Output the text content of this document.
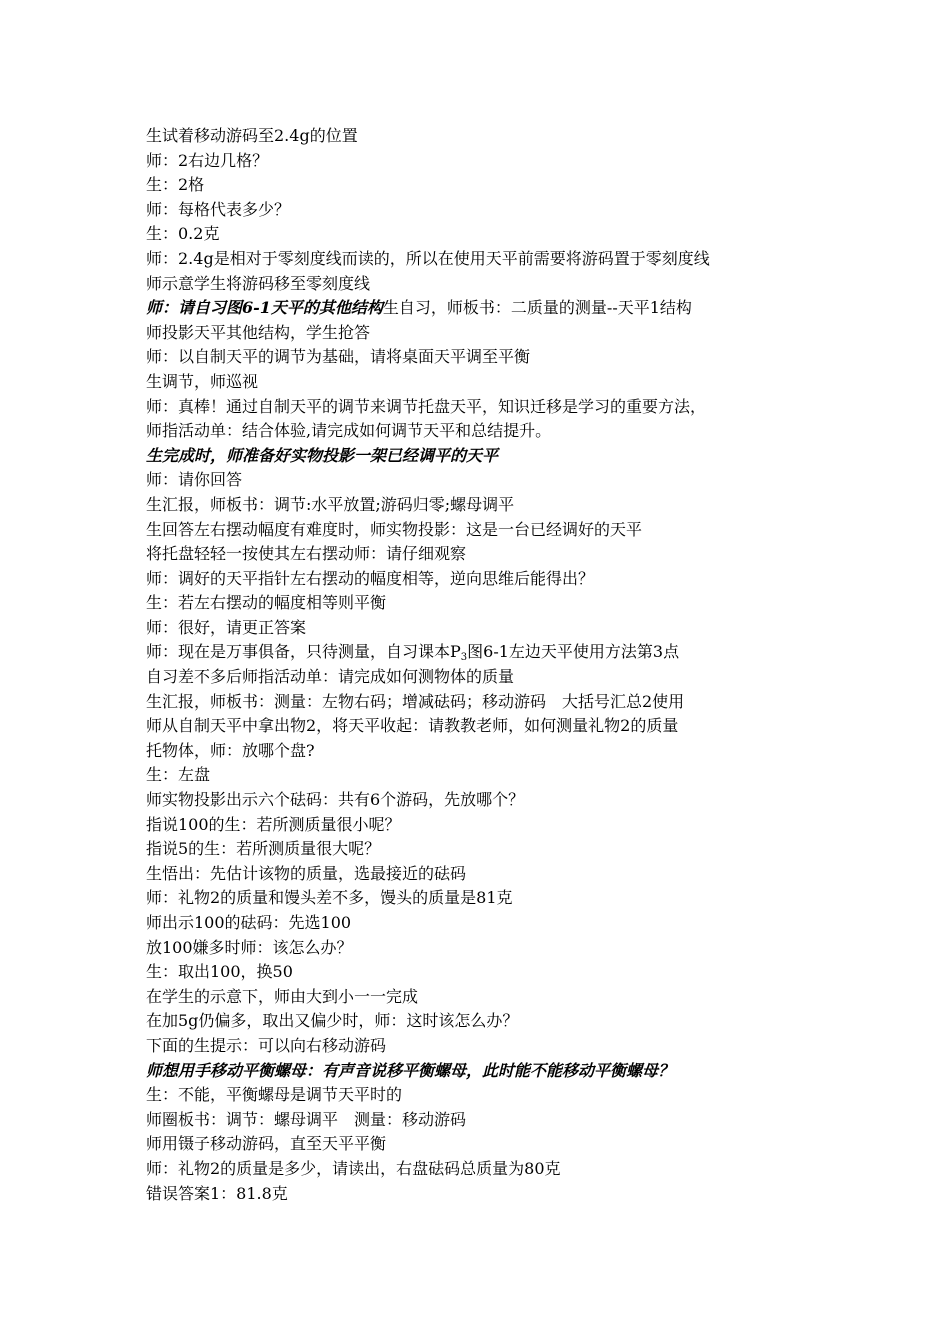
生试着移动游码至2.4g的位置
师：2右边几格？
生：2格
师：每格代表多少？
生：0.2克
师：2.4g是相对于零刻度线而读的，所以在使用天平前需要将游码置于零刻度线
师示意学生将游码移至零刻度线
师：请自习图6-1天平的其他结构生自习，师板书：二质量的测量--天平1结构
师投影天平其他结构，学生抢答
师：以自制天平的调节为基础，请将桌面天平调至平衡
生调节，师巡视
师：真棒！通过自制天平的调节来调节托盘天平，知识迁移是学习的重要方法，
师指活动单：结合体验,请完成如何调节天平和总结提升。
生完成时，师准备好实物投影一架已经调平的天平
师：请你回答
生汇报，师板书：调节:水平放置;游码归零;螺母调平
生回答左右摆动幅度有难度时，师实物投影：这是一台已经调好的天平
将托盘轻轻一按使其左右摆动师：请仔细观察
师：调好的天平指针左右摆动的幅度相等，逆向思维后能得出？
生：若左右摆动的幅度相等则平衡
师：很好，请更正答案
师：现在是万事俱备，只待测量，自习课本$P_3$图6-1左边天平使用方法第3点
自习差不多后师指活动单：请完成如何测物体的质量
生汇报，师板书：测量：左物右码；增减砝码；移动游码　大括号汇总2使用
师从自制天平中拿出物2，将天平收起：请教教老师，如何测量礼物2的质量
托物体，师：放哪个盘?
生：左盘
师实物投影出示六个砝码：共有6个游码，先放哪个？
指说100的生：若所测质量很小呢？
指说5的生：若所测质量很大呢？
生悟出：先估计该物的质量，选最接近的砝码
师：礼物2的质量和馒头差不多，馒头的质量是81克
师出示100的砝码：先选100
放100嫌多时师：该怎么办？
生：取出100，换50
在学生的示意下，师由大到小一一完成
在加5g仍偏多，取出又偏少时，师：这时该怎么办？
下面的生提示：可以向右移动游码
师想用手移动平衡螺母：有声音说移平衡螺母，此时能不能移动平衡螺母？
生：不能，平衡螺母是调节天平时的
师圈板书：调节：螺母调平　测量：移动游码
师用镊子移动游码，直至天平平衡
师：礼物2的质量是多少，请读出，右盘砝码总质量为80克
错误答案1：81.8克
